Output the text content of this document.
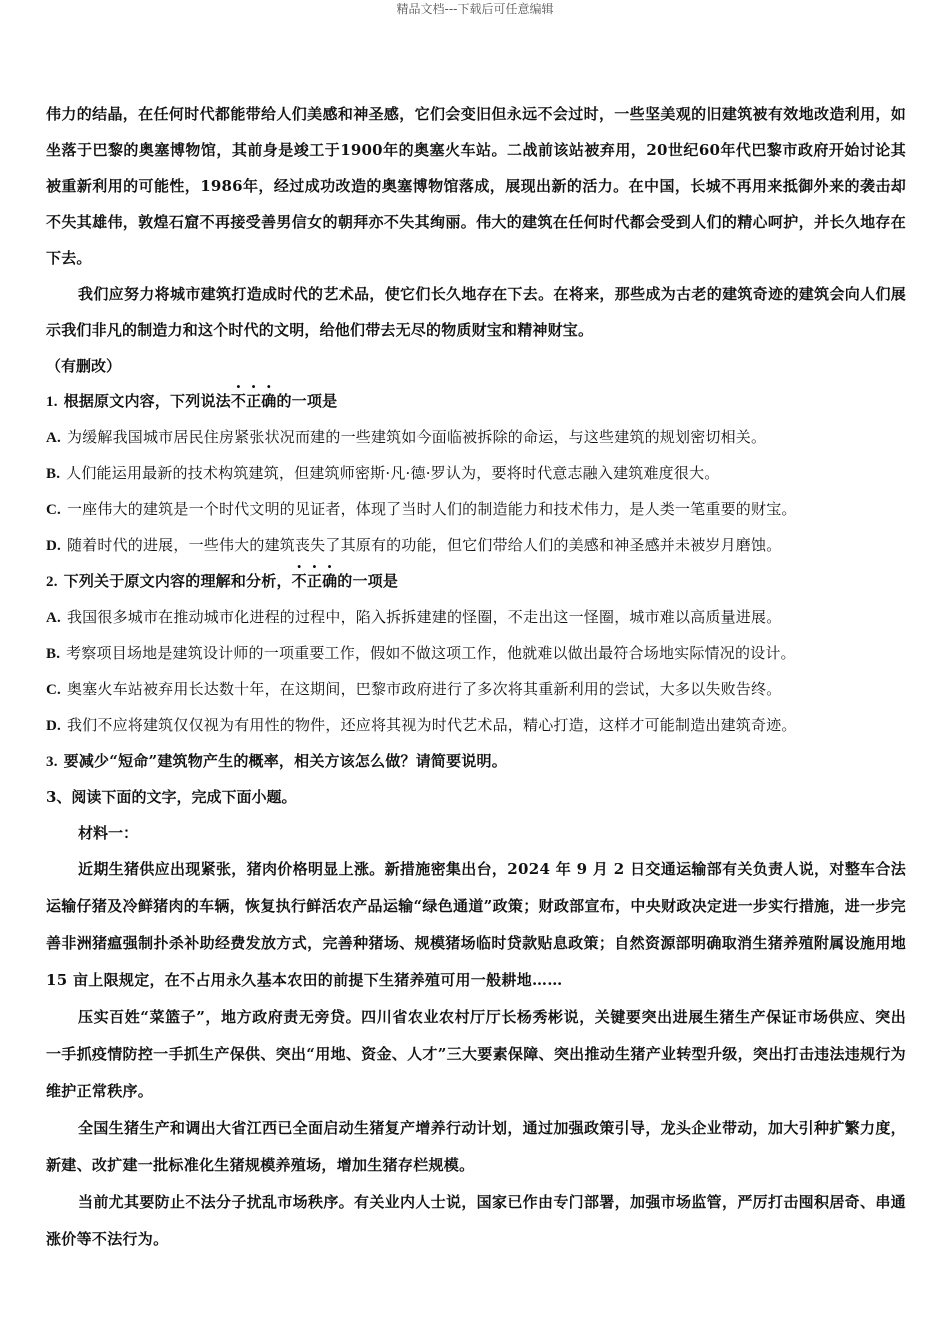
精品文档---下载后可任意编辑

伟力的结晶，在任何时代都能带给人们美感和神圣感，它们会变旧但永远不会过时，一些坚美观的旧建筑被有效地改造利用，如坐落于巴黎的奥塞博物馆，其前身是竣工于1900年的奥塞火车站。二战前该站被弃用，20世纪60年代巴黎市政府开始讨论其被重新利用的可能性，1986年，经过成功改造的奥塞博物馆落成，展现出新的活力。在中国，长城不再用来抵御外来的袭击却不失其雄伟，敦煌石窟不再接受善男信女的朝拜亦不失其绚丽。伟大的建筑在任何时代都会受到人们的精心呵护，并长久地存在下去。

我们应努力将城市建筑打造成时代的艺术品，使它们长久地存在下去。在将来，那些成为古老的建筑奇迹的建筑会向人们展示我们非凡的制造力和这个时代的文明，给他们带去无尽的物质财宝和精神财宝。

（有删改）

1. 根据原文内容，下列说法不正确的一项是

A. 为缓解我国城市居民住房紧张状况而建的一些建筑如今面临被拆除的命运，与这些建筑的规划密切相关。

B. 人们能运用最新的技术构筑建筑，但建筑师密斯·凡·德·罗认为，要将时代意志融入建筑难度很大。

C. 一座伟大的建筑是一个时代文明的见证者，体现了当时人们的制造能力和技术伟力，是人类一笔重要的财宝。

D. 随着时代的进展，一些伟大的建筑丧失了其原有的功能，但它们带给人们的美感和神圣感并未被岁月磨蚀。

2. 下列关于原文内容的理解和分析，不正确的一项是

A. 我国很多城市在推动城市化进程的过程中，陷入拆拆建建的怪圈，不走出这一怪圈，城市难以高质量进展。

B. 考察项目场地是建筑设计师的一项重要工作，假如不做这项工作，他就难以做出最符合场地实际情况的设计。

C. 奥塞火车站被弃用长达数十年，在这期间，巴黎市政府进行了多次将其重新利用的尝试，大多以失败告终。

D. 我们不应将建筑仅仅视为有用性的物件，还应将其视为时代艺术品，精心打造，这样才可能制造出建筑奇迹。

3. 要减少“短命”建筑物产生的概率，相关方该怎么做？请简要说明。

3、阅读下面的文字，完成下面小题。

材料一：

近期生猪供应出现紧张，猪肉价格明显上涨。新措施密集出台，2024 年 9 月 2 日交通运输部有关负责人说，对整车合法运输仔猪及冷鲜猪肉的车辆，恢复执行鲜活农产品运输“绿色通道”政策；财政部宣布，中央财政决定进一步实行措施，进一步完善非洲猪瘟强制扑杀补助经费发放方式，完善种猪场、规模猪场临时贷款贴息政策；自然资源部明确取消生猪养殖附属设施用地 15 亩上限规定，在不占用永久基本农田的前提下生猪养殖可用一般耕地……

压实百姓“菜篮子”，地方政府责无旁贷。四川省农业农村厅厅长杨秀彬说，关键要突出进展生猪生产保证市场供应、突出一手抓疫情防控一手抓生产保供、突出“用地、资金、人才”三大要素保障、突出推动生猪产业转型升级，突出打击违法违规行为维护正常秩序。

全国生猪生产和调出大省江西已全面启动生猪复产增养行动计划，通过加强政策引导，龙头企业带动，加大引种扩繁力度，新建、改扩建一批标准化生猪规模养殖场，增加生猪存栏规模。

当前尤其要防止不法分子扰乱市场秩序。有关业内人士说，国家已作由专门部署，加强市场监管，严厉打击囤积居奇、串通涨价等不法行为。
